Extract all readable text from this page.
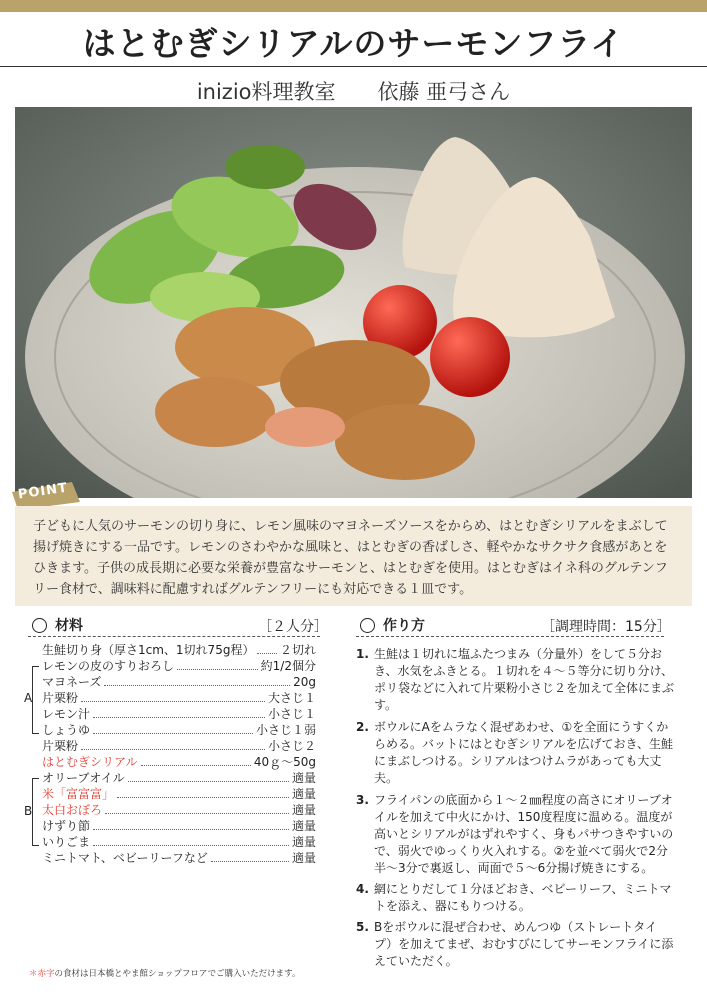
はとむぎシリアルのサーモンフライ
inizio料理教室　　依藤 亜弓さん
POINT
子どもに人気のサーモンの切り身に、レモン風味のマヨネーズソースをからめ、はとむぎシリアルをまぶして揚げ焼きにする一品です。レモンのさわやかな風味と、はとむぎの香ばしさ、軽やかなサクサク食感があとをひきます。子供の成長期に必要な栄養が豊富なサーモンと、はとむぎを使用。はとむぎはイネ科のグルテンフリー食材で、調味料に配慮すればグルテンフリーにも対応できる１皿です。
材料	［２人分］
生鮭切り身（厚さ1cm、1切れ75g程） ２切れ
レモンの皮のすりおろし	約1/2個分
マヨネーズ	20g
片栗粉	大さじ１
レモン汁	小さじ１
しょうゆ	小さじ１弱
片栗粉	小さじ２
はとむぎシリアル	40ｇ～50g
オリーブオイル	適量
米「富富富」	適量
太白おぼろ	適量
けずり節	適量
いりごま	適量
ミニトマト、ベビーリーフなど	適量
A
B
作り方	［調理時間：15分］
1. 生鮭は１切れに塩ふたつまみ（分量外）をして５分おき、水気をふきとる。１切れを４～５等分に切り分け、ポリ袋などに入れて片栗粉小さじ２を加えて全体にまぶす。
2. ボウルにAをムラなく混ぜあわせ、①を全面にうすくからめる。バットにはとむぎシリアルを広げておき、生鮭にまぶしつける。シリアルはつけムラがあっても大丈夫。
3. フライパンの底面から１～２㎜程度の高さにオリーブオイルを加えて中火にかけ、150度程度に温める。温度が高いとシリアルがはずれやすく、身もパサつきやすいので、弱火でゆっくり火入れする。②を並べて弱火で2分半～3分で裏返し、両面で５～6分揚げ焼きにする。
4. 網にとりだして１分ほどおき、ベビーリーフ、ミニトマトを添え、器にもりつける。
5. Bをボウルに混ぜ合わせ、めんつゆ（ストレートタイプ）を加えてまぜ、おむすびにしてサーモンフライに添えていただく。
＊赤字の食材は日本橋とやま館ショップフロアでご購入いただけます。
